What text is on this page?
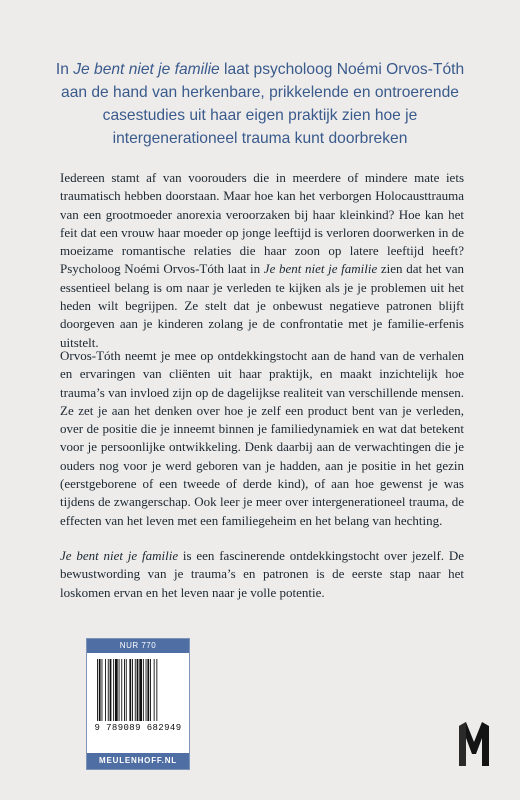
In Je bent niet je familie laat psycholoog Noémi Orvos-Tóth aan de hand van herkenbare, prikkelende en ontroerende casestudies uit haar eigen praktijk zien hoe je intergenerationeel trauma kunt doorbreken

Iedereen stamt af van voorouders die in meerdere of mindere mate iets traumatisch hebben doorstaan. Maar hoe kan het verborgen Holocausttrauma van een grootmoeder anorexia veroorzaken bij haar kleinkind? Hoe kan het feit dat een vrouw haar moeder op jonge leeftijd is verloren doorwerken in de moeizame romantische relaties die haar zoon op latere leeftijd heeft? Psycholoog Noémi Orvos-Tóth laat in Je bent niet je familie zien dat het van essentieel belang is om naar je verleden te kijken als je je problemen uit het heden wilt begrijpen. Ze stelt dat je onbewust negatieve patronen blijft doorgeven aan je kinderen zolang je de confrontatie met je familie-erfenis uitstelt.

Orvos-Tóth neemt je mee op ontdekkingstocht aan de hand van de verhalen en ervaringen van cliënten uit haar praktijk, en maakt inzichtelijk hoe trauma’s van invloed zijn op de dagelijkse realiteit van verschillende mensen. Ze zet je aan het denken over hoe je zelf een product bent van je verleden, over de positie die je inneemt binnen je familiedynamiek en wat dat betekent voor je persoonlijke ontwikkeling. Denk daarbij aan de verwachtingen die je ouders nog voor je werd geboren van je hadden, aan je positie in het gezin (eerstgeborene of een tweede of derde kind), of aan hoe gewenst je was tijdens de zwangerschap. Ook leer je meer over intergenerationeel trauma, de effecten van het leven met een familiegeheim en het belang van hechting.

Je bent niet je familie is een fascinerende ontdekkingstocht over jezelf. De bewustwording van je trauma’s en patronen is de eerste stap naar het loskomen ervan en het leven naar je volle potentie.

NUR 770
9 789089 682949
MEULENHOFF.NL
